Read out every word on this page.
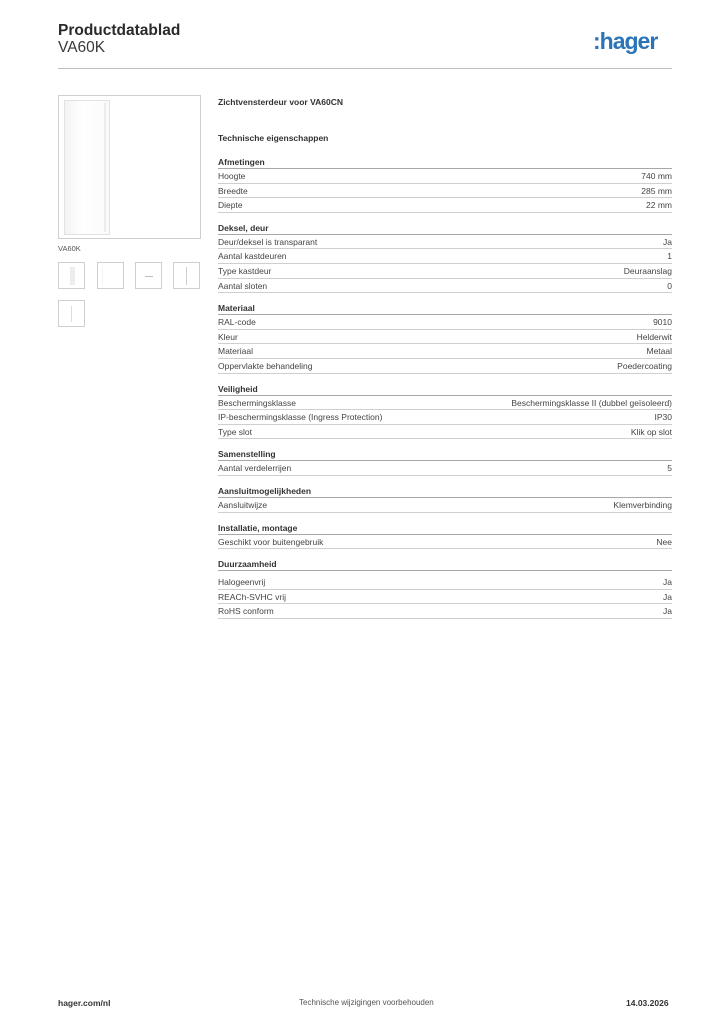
Productdatablad
VA60K	:hager
VA60K
Zichtvensterdeur voor VA60CN
Technische eigenschappen
Afmetingen
Hoogte	740 mm
Breedte	285 mm
Diepte	22 mm
Deksel, deur
Deur/deksel is transparant	Ja
Aantal kastdeuren	1
Type kastdeur	Deuraanslag
Aantal sloten	0
Materiaal
RAL-code	9010
Kleur	Helderwit
Materiaal	Metaal
Oppervlakte behandeling	Poedercoating
Veiligheid
Beschermingsklasse	Beschermingsklasse II (dubbel geïsoleerd)
IP-beschermingsklasse (Ingress Protection)	IP30
Type slot	Klik op slot
Samenstelling
Aantal verdelerrijen	5
Aansluitmogelijkheden
Aansluitwijze	Klemverbinding
Installatie, montage
Geschikt voor buitengebruik	Nee
Duurzaamheid
Halogeenvrij	Ja
REACh-SVHC vrij	Ja
RoHS conform	Ja
hager.com/nl	Technische wijzigingen voorbehouden	14.03.2026
